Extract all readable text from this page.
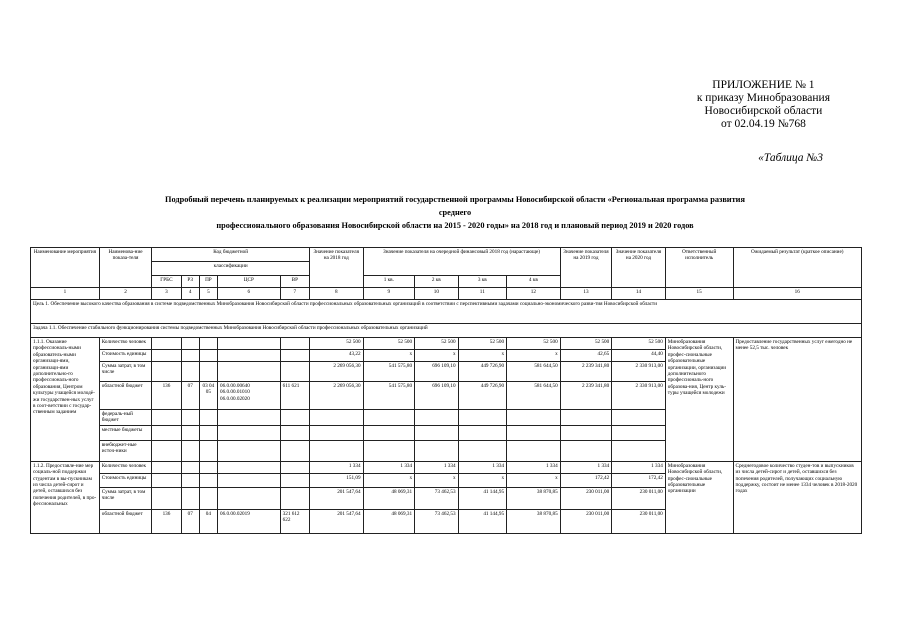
ПРИЛОЖЕНИЕ № 1
к приказу Минобразования
Новосибирской области
от 02.04.19 №768
«Таблица №3
Подробный перечень планируемых к реализации мероприятий государственной программы Новосибирской области «Региональная программа развития
среднего
профессионального образования Новосибирской области на 2015 - 2020 годы» на 2018 год и плановый период 2019 и 2020 годов
Наименование мероприятия	Наименова-ние показа-теля	Код бюджетной					Значение показателя на 2018 год	Значение показателя на очередной финансовый 2018 год (нарастающе)				Значение показателя на 2019 год	Значение показателя на 2020 год	Ответственный исполнитель	Ожидаемый результат (краткое описание)
		классификации													
		ГРБС	РЗ	ПР	ЦСР	ВР		1 кв.	2 кв	3 кв	4 кв				
1	2	3	4	5	6	7	8	9	10	11	12	13	14	15	16
Цель 1. Обеспечение высокого качества образования в системе подведомственных Минобразования Новосибирской области профессиональных образовательных организаций в соответствии с перспективными задачами социально-экономического разви-тия Новосибирской области															
Задача 1.1. Обеспечение стабильного функционирования системы подведомственных Минобразования Новосибирской области профессиональных образовательных организаций															
1.1.1. Оказание профессиональ-ными образователь-ными организаци-ями, организаци-ями дополнительно-го профессиональ-ного образования, Центром культуры учащейся молодё-жи государствен-ных услуг в соот-ветствии с государ-ственным заданием	Количество человек						52 500	52 500	52 500	52 500	52 500	52 500	52 500	Минобразования Новосибирской области, профес-сиональные образовательные организации, организации дополнительного профессиональ-ного образова-ния, Центр куль-туры учащейся молодежи	Предоставление государственных услуг ежегодно не менее 52,5 тыс. человек
	Стоимость единицы						43,22	х	х	х	х	42,65	44,40		
	Сумма затрат, в том числе						2 269 056,30	541 575,80	696 109,10	449 726,90	581 644,50	2 239 341,80	2 330 913,00		
	областной бюджет	136	07	03 04 05	06.0.00.00640 06.0.00.01010 06.0.00.02020	611 621	2 269 056,30	541 575,80	696 109,10	449 726,90	581 644,50	2 239 341,80	2 330 913,00		
	федераль-ный бюджет														
	местные бюджеты														
	внебюджет-ные источ-ники														
1.1.2. Предоставле-ние мер социаль-ной поддержки студентам в вы-пускникам из числа детей-сирот и детей, оставшихся без попечения родителей, в про-фессиональных	Количество человек						1 334	1 334	1 334	1 334	1 334	1 334	1 334	Минобразования Новосибирской области, профес-сиональные образовательные организации	Среднегодовое количество студен-тов и выпускников из числа детей-сирот и детей, оставшихся без попечения родителей, получающих социальную поддержку, состоит не менее 1334 человек в 2018-2020 годах
	Стоимость единицы						151,09	х	х	х	х	172,42	172,42		
	Сумма затрат, в том числе						201 547,64	48 069,31	73 462,53	41 144,95	38 870,85	230 011,00	230 011,00		
	областной бюджет	136	07	04	06.0.00.02019	321 612 622	201 547,64	48 069,31	73 462,53	41 144,95	38 870,85	230 011,00	230 011,00		
